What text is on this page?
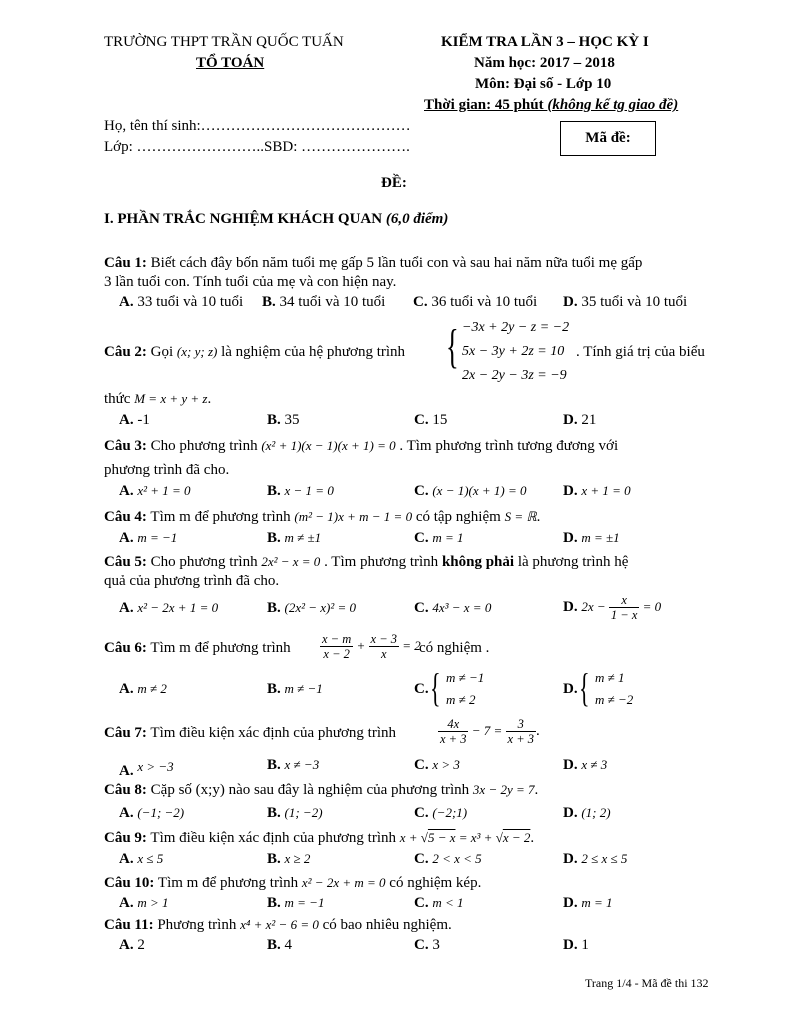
TRƯỜNG THPT TRẦN QUỐC TUẤN
TỔ TOÁN
KIỂM TRA LẦN 3 – HỌC KỲ I
Năm học: 2017 – 2018
Môn: Đại số - Lớp 10
Thời gian: 45 phút (không kể tg giao đề)
Họ, tên thí sinh:……………………………………
Lớp: ……………………..SBD: ………………….
Mã đề:
ĐỀ:
I. PHẦN TRẮC NGHIỆM KHÁCH QUAN (6,0 điểm)
Câu 1: Biết cách đây bốn năm tuổi mẹ gấp 5 lần tuổi con và sau hai năm nữa tuổi mẹ gấp
3 lần tuổi con. Tính tuổi của mẹ và con hiện nay.
A. 33 tuổi và 10 tuổi B. 34 tuổi và 10 tuổi C. 36 tuổi và 10 tuổi D. 35 tuổi và 10 tuổi
Câu 2: Gọi (x; y; z) là nghiệm của hệ phương trình { −3x + 2y − z = −2
5x − 3y + 2z = 10
2x − 2y − 3z = −9
. Tính giá trị của biểu
thức M = x + y + z.
A. -1	B. 35	C. 15	D. 21
Câu 3: Cho phương trình (x² + 1)(x − 1)(x + 1) = 0 . Tìm phương trình tương đương với
phương trình đã cho.
A. x² + 1 = 0	B. x − 1 = 0	C. (x − 1)(x + 1) = 0 D. x + 1 = 0
Câu 4: Tìm m để phương trình (m² − 1)x + m − 1 = 0 có tập nghiệm S = ℝ.
A. m = −1	B. m ≠ ±1	C. m = 1	D. m = ±1
Câu 5: Cho phương trình 2x² − x = 0 . Tìm phương trình không phải là phương trình hệ
quả của phương trình đã cho.
A. x² − 2x + 1 = 0	B. (2x² − x)² = 0	C. 4x³ − x = 0	D. $2x - \frac{x}{1 - x} = 0$
Câu 6: Tìm m để phương trình $\frac{x - m}{x - 2} + \frac{x - 3}{x} = 2$
có nghiệm .
A. m ≠ 2	B. m ≠ −1	C. { m ≠ −1
m ≠ 2
D. { m ≠ 1
m ≠ −2
Câu 7: Tìm điều kiện xác định của phương trình	$\frac{4x}{x + 3} - 7 = \frac{3}{x + 3}$ .
A. x > −3	B. x ≠ −3	C. x > 3	D. x ≠ 3
Câu 8: Cặp số (x;y) nào sau đây là nghiệm của phương trình 3x − 2y = 7.
A. (−1; −2)	B. (1; −2)	C. (−2;1)	D. (1; 2)
Câu 9: Tìm điều kiện xác định của phương trình x + √5 − x = x³ + √x − 2.
A. x ≤ 5	B. x ≥ 2	C. 2 < x < 5	D. 2 ≤ x ≤ 5
Câu 10: Tìm m để phương trình x² − 2x + m = 0 có nghiệm kép.
A. m > 1	B. m = −1	C. m < 1	D. m = 1
Câu 11: Phương trình x⁴ + x² − 6 = 0 có bao nhiêu nghiệm.
A. 2	B. 4	C. 3	D. 1
Trang 1/4 - Mã đề thi 132
